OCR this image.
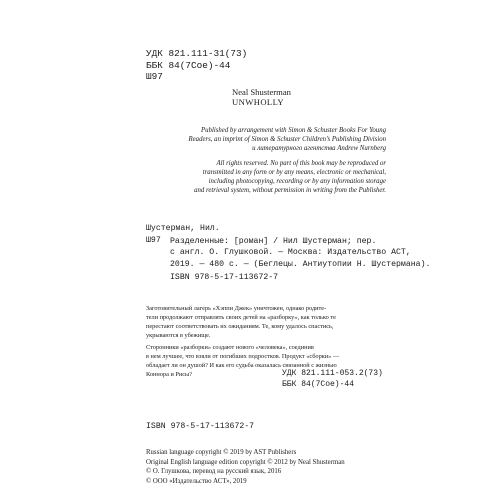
УДК 821.111-31(73)
ББК 84(7Сое)-44
Ш97
Neal Shusterman
UNWHOLLY
Published by arrangement with Simon & Schuster Books For Young
Readers, an imprint of Simon & Schuster Children’s Publishing Division
и литературного агентства Andrew Nurnberg
All rights reserved. No part of this book may be reproduced or
transmitted in any form or by any means, electronic or mechanical,
including photocopying, recording or by any information storage
and retrieval system, without permission in writing from the Publisher.
Шустерман, Нил.
Ш97 Разделенные: [роман] / Нил Шустерман; пер.
с англ. О. Глушковой. — Москва: Издательство АСТ,
2019. — 480 с. — (Беглецы. Антиутопии Н. Шустермана).
ISBN 978-5-17-113672-7
Заготовительный лагерь «Хэппи Джек» уничтожен, однако родите-
тели продолжают отправлять своих детей на «разборку», как только те
перестают соответствовать их ожиданиям. Те, кому удалось спастись,
укрываются в убежище.
Сторонники «разборки» создают нового «человека», соединив
в нем лучшее, что взяли от погибших подростков. Продукт «сборки» —
обладает ли он душой? И как его судьба оказалась связанной с жизнью
Коннора и Рисы?	УДК 821.111-053.2(73)
ББК 84(7Сое)-44
ISBN 978-5-17-113672-7
Russian language copyright © 2019 by AST Publishers
Original English language edition copyright © 2012 by Neal Shusterman
© О. Глушкова, перевод на русский язык, 2016
© ООО «Издательство АСТ», 2019
